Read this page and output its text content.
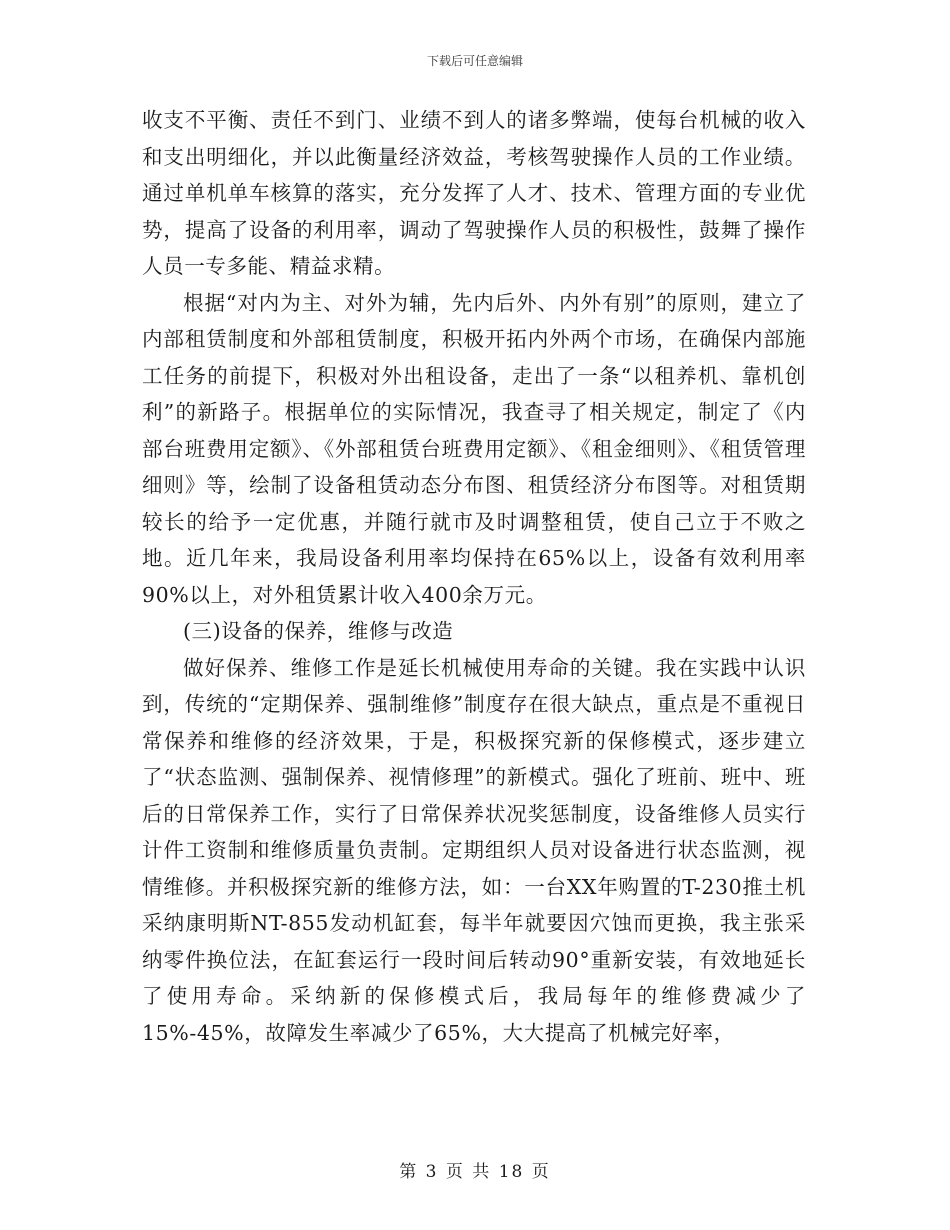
下载后可任意编辑

收支不平衡、责任不到门、业绩不到人的诸多弊端，使每台机械的收入和支出明细化，并以此衡量经济效益，考核驾驶操作人员的工作业绩。通过单机单车核算的落实，充分发挥了人才、技术、管理方面的专业优势，提高了设备的利用率，调动了驾驶操作人员的积极性，鼓舞了操作人员一专多能、精益求精。

根据“对内为主、对外为辅，先内后外、内外有别”的原则，建立了内部租赁制度和外部租赁制度，积极开拓内外两个市场，在确保内部施工任务的前提下，积极对外出租设备，走出了一条“以租养机、靠机创利”的新路子。根据单位的实际情况，我查寻了相关规定，制定了《内部台班费用定额》、《外部租赁台班费用定额》、《租金细则》、《租赁管理细则》等，绘制了设备租赁动态分布图、租赁经济分布图等。对租赁期较长的给予一定优惠，并随行就市及时调整租赁，使自己立于不败之地。近几年来，我局设备利用率均保持在65%以上，设备有效利用率90%以上，对外租赁累计收入400余万元。

(三)设备的保养，维修与改造

做好保养、维修工作是延长机械使用寿命的关键。我在实践中认识到，传统的“定期保养、强制维修”制度存在很大缺点，重点是不重视日常保养和维修的经济效果，于是，积极探究新的保修模式，逐步建立了“状态监测、强制保养、视情修理”的新模式。强化了班前、班中、班后的日常保养工作，实行了日常保养状况奖惩制度，设备维修人员实行计件工资制和维修质量负责制。定期组织人员对设备进行状态监测，视情维修。并积极探究新的维修方法，如：一台XX年购置的T-230推土机采纳康明斯NT-855发动机缸套，每半年就要因穴蚀而更换，我主张采纳零件换位法，在缸套运行一段时间后转动90°重新安装，有效地延长了使用寿命。采纳新的保修模式后，我局每年的维修费减少了15%-45%，故障发生率减少了65%，大大提高了机械完好率，

第 3 页 共 18 页
